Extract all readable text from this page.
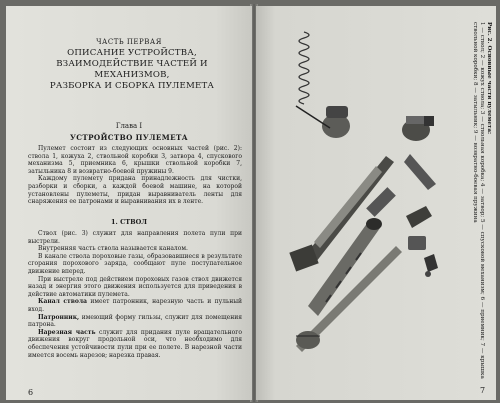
ЧАСТЬ ПЕРВАЯ
ОПИСАНИЕ УСТРОЙСТВА,
ВЗАИМОДЕЙСТВИЕ ЧАСТЕЙ И МЕХАНИЗМОВ,
РАЗБОРКА И СБОРКА ПУЛЕМЕТА
Глава I
УСТРОЙСТВО ПУЛЕМЕТА

Пулемет состоит из следующих основных частей (рис. 2): ствола 1, кожуха 2, ствольной коробки 3, затвора 4, спускового механизма 5, приемника 6, крышки ствольной коробки 7, затыльника 8 и возвратно-боевой пружины 9.

Каждому пулемету придана принадлежность для чистки, разборки и сборки, а каждой боевой машине, на которой установлены пулеметы, придан выравниватель ленты для снаряжения ее патронами и выравнивания их в ленте.

1. СТВОЛ

Ствол (рис. 3) служит для направления полета пули при выстрели.

Внутренняя часть ствола называется каналом.

В канале ствола пороховые газы, образовавшиеся в результате сгорания порохового заряда, сообщают пуле поступательное движение вперед.

При выстреле под действием пороховых газов ствол движется назад и энергия этого движения используется для приведения в действие автоматики пулемета.

Канал ствола имеет патронник, нарезную часть и пульный вход.

Патронник, имеющий форму гильзы, служит для помещения патрона.

Нарезная часть служит для придания пуле вращательного движения вокруг продольной оси, что необходимо для обеспечения устойчивости пули при ее полете. В нарезной части имеется восемь нарезов; нарезка правая.

6	7
Рис. 2. Основные части пулемета:
1 — ствол; 2 — кожух ствола; 3 — ствольная коробка; 4 — затвор; 5 — спусковой механизм; 6 — приемник; 7 — крышка ствольной коробки; 8 — затыльник; 9 — возвратно-боевая пружина
